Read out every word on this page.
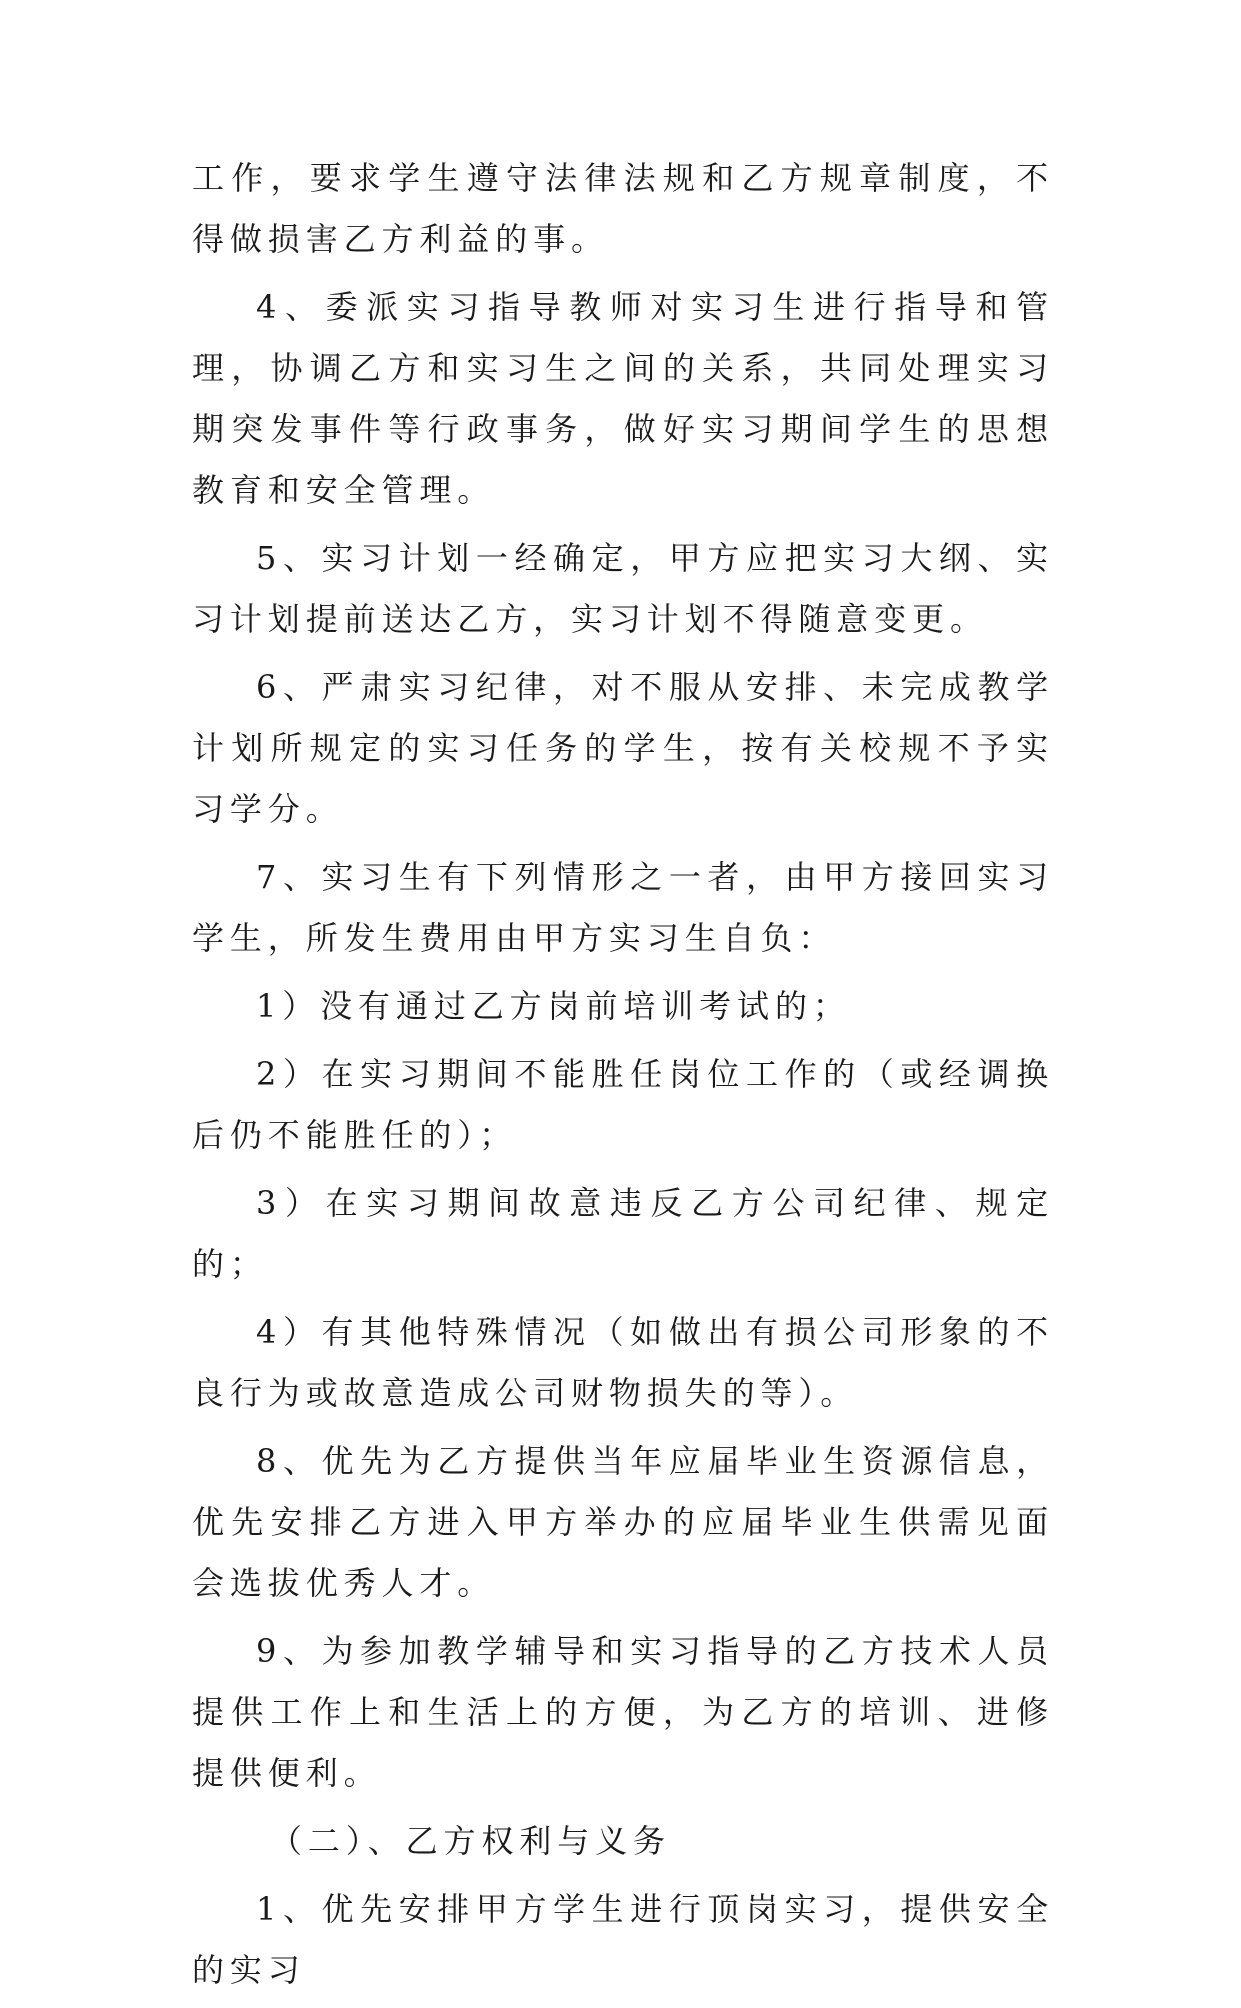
工作，要求学生遵守法律法规和乙方规章制度，不得做损害乙方利益的事。

4、委派实习指导教师对实习生进行指导和管理，协调乙方和实习生之间的关系，共同处理实习期突发事件等行政事务，做好实习期间学生的思想教育和安全管理。

5、实习计划一经确定，甲方应把实习大纲、实习计划提前送达乙方，实习计划不得随意变更。

6、严肃实习纪律，对不服从安排、未完成教学计划所规定的实习任务的学生，按有关校规不予实习学分。

7、实习生有下列情形之一者，由甲方接回实习学生，所发生费用由甲方实习生自负：

1）没有通过乙方岗前培训考试的；

2）在实习期间不能胜任岗位工作的（或经调换后仍不能胜任的）；

3）在实习期间故意违反乙方公司纪律、规定的；

4）有其他特殊情况（如做出有损公司形象的不良行为或故意造成公司财物损失的等）。

8、优先为乙方提供当年应届毕业生资源信息，优先安排乙方进入甲方举办的应届毕业生供需见面会选拔优秀人才。

9、为参加教学辅导和实习指导的乙方技术人员提供工作上和生活上的方便，为乙方的培训、进修提供便利。

（二）、乙方权利与义务

1、优先安排甲方学生进行顶岗实习，提供安全的实习
